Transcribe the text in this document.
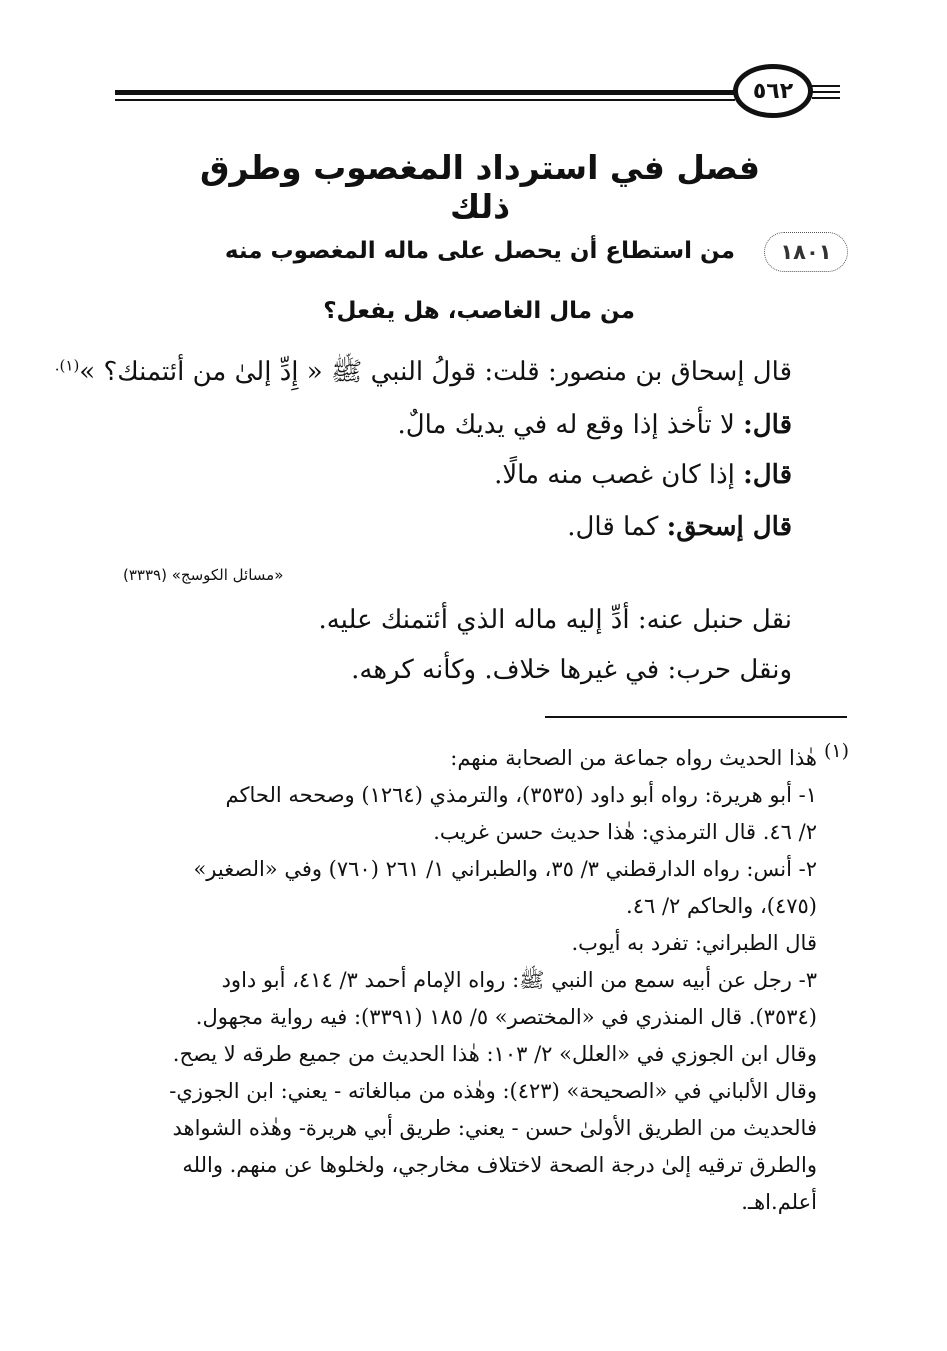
٥٦٢
فصل في استرداد المغصوب وطرق ذلك
١٨٠١
من استطاع أن يحصل على ماله المغصوب منه
من مال الغاصب، هل يفعل؟
قال إسحاق بن منصور: قلت: قولُ النبي ﷺ « إِدِّ إلىٰ من أئتمنك؟ »$^{(١).}$
قال: لا تأخذ إذا وقع له في يديك مالٌ.
قال: إذا كان غصب منه مالًا.
قال إسحق: كما قال.
«مسائل الكوسج» (٣٣٣٩)
نقل حنبل عنه: أدِّ إليه ماله الذي أئتمنك عليه.
ونقل حرب: في غيرها خلاف. وكأنه كرهه.
(١)
هٰذا الحديث رواه جماعة من الصحابة منهم:
١- أبو هريرة: رواه أبو داود (٣٥٣٥)، والترمذي (١٢٦٤) وصححه الحاكم
٢/ ٤٦. قال الترمذي: هٰذا حديث حسن غريب.
٢- أنس: رواه الدارقطني ٣/ ٣٥، والطبراني ١/ ٢٦١ (٧٦٠) وفي «الصغير»
(٤٧٥)، والحاكم ٢/ ٤٦.
قال الطبراني: تفرد به أيوب.
٣- رجل عن أبيه سمع من النبي ﷺ: رواه الإمام أحمد ٣/ ٤١٤، أبو داود
(٣٥٣٤). قال المنذري في «المختصر» ٥/ ١٨٥ (٣٣٩١): فيه رواية مجهول.
وقال ابن الجوزي في «العلل» ٢/ ١٠٣: هٰذا الحديث من جميع طرقه لا يصح.
وقال الألباني في «الصحيحة» (٤٢٣): وهٰذه من مبالغاته - يعني: ابن الجوزي-
فالحديث من الطريق الأولىٰ حسن - يعني: طريق أبي هريرة- وهٰذه الشواهد
والطرق ترقيه إلىٰ درجة الصحة لاختلاف مخارجي، ولخلوها عن منهم. والله
أعلم.اهـ.
